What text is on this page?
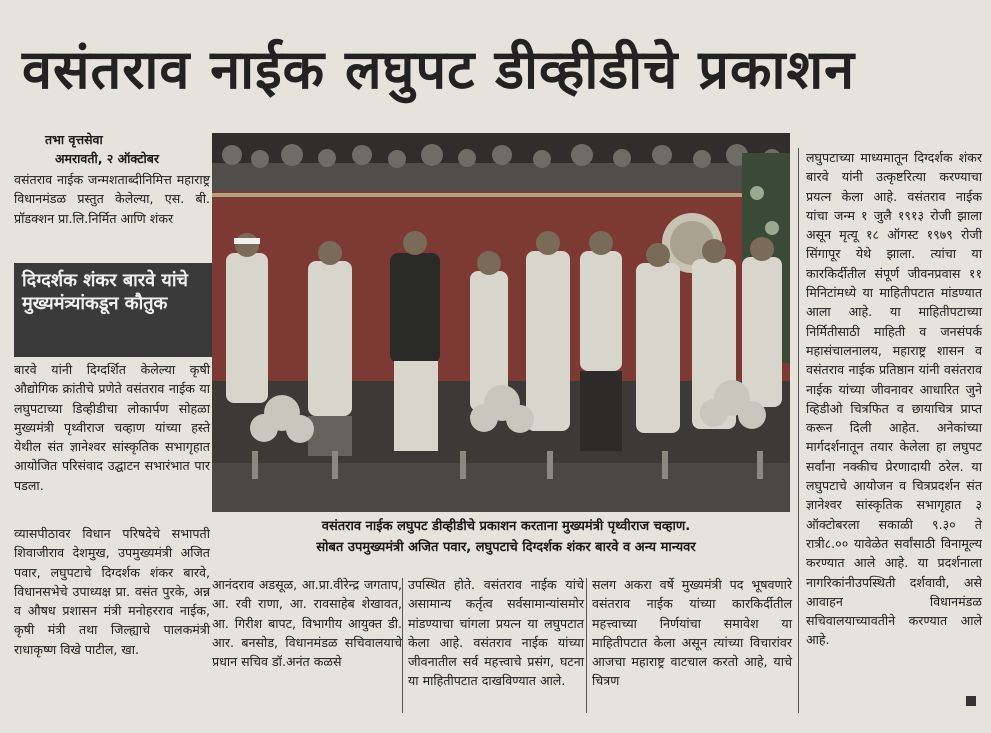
वसंतराव नाईक लघुपट डीव्हीडीचे प्रकाशन
तभा वृत्तसेवा
अमरावती, २ ऑक्टोबर

वसंतराव नाईक जन्मशताब्दीनिमित्त महाराष्ट्र विधानमंडळ प्रस्तुत केलेल्या, एस. बी. प्रॉडक्शन प्रा.लि.निर्मित आणि शंकर

दिग्दर्शक शंकर बारवे यांचे मुख्यमंत्र्यांकडून कौतुक

बारवे यांनी दिग्दर्शित केलेल्या कृषी औद्योगिक क्रांतीचे प्रणेते वसंतराव नाईक या लघुपटाच्या डिव्हीडीचा लोकार्पण सोहळा मुख्यमंत्री पृथ्वीराज चव्हाण यांच्या हस्ते येथील संत ज्ञानेश्वर सांस्कृतिक सभागृहात आयोजित परिसंवाद उद्घाटन सभारंभात पार पडला.

व्यासपीठावर विधान परिषदेचे सभापती शिवाजीराव देशमुख, उपमुख्यमंत्री अजित पवार, लघुपटाचे दिग्दर्शक शंकर बारवे, विधानसभेचे उपाध्यक्ष प्रा. वसंत पुरके, अन्न व औषध प्रशासन मंत्री मनोहरराव नाईक, कृषी मंत्री तथा जिल्ह्याचे पालकमंत्री राधाकृष्ण विखे पाटील, खा.

वसंतराव नाईक लघुपट डीव्हीडीचे प्रकाशन करताना मुख्यमंत्री पृथ्वीराज चव्हाण.
सोबत उपमुख्यमंत्री अजित पवार, लघुपटाचे दिग्दर्शक शंकर बारवे व अन्य मान्यवर

आनंदराव अडसूळ, आ.प्रा.वीरेन्द्र जगताप, आ. रवी राणा, आ. रावसाहेब शेखावत, आ. गिरीश बापट, विभागीय आयुक्त डी. आर. बनसोड, विधानमंडळ सचिवालयाचे प्रधान सचिव डॉ.अनंत कळसे

उपस्थित होते. वसंतराव नाईक यांचे असामान्य कर्तृत्व सर्वसामान्यांसमोर मांडण्याचा चांगला प्रयत्न या लघुपटात केला आहे. वसंतराव नाईक यांच्या जीवनातील सर्व महत्त्वाचे प्रसंग, घटना या माहितीपटात दाखविण्यात आले.

सलग अकरा वर्षे मुख्यमंत्री पद भूषवणारे वसंतराव नाईक यांच्या कारकिर्दीतील महत्त्वाच्या निर्णयांचा समावेश या माहितीपटात केला असून त्यांच्या विचारांवर आजचा महाराष्ट्र वाटचाल करतो आहे, याचे चित्रण

लघुपटाच्या माध्यमातून दिग्दर्शक शंकर बारवे यांनी उत्कृष्टरित्या करण्याचा प्रयत्न केला आहे. वसंतराव नाईक यांचा जन्म १ जुलै १९१३ रोजी झाला असून मृत्यू १८ ऑगस्ट १९७९ रोजी सिंगापूर येथे झाला. त्यांचा या कारकिर्दीतील संपूर्ण जीवनप्रवास ११ मिनिटांमध्ये या माहितीपटात मांडण्यात आला आहे. या माहितीपटाच्या निर्मितीसाठी माहिती व जनसंपर्क महासंचालनालय, महाराष्ट्र शासन व वसंतराव नाईक प्रतिष्ठान यांनी वसंतराव नाईक यांच्या जीवनावर आधारित जुने व्हिडीओ चित्रफित व छायाचित्र प्राप्त करून दिली आहेत. अनेकांच्या मार्गदर्शनातून तयार केलेला हा लघुपट सर्वांना नक्कीच प्रेरणादायी ठरेल. या लघुपटाचे आयोजन व चित्रप्रदर्शन संत ज्ञानेश्वर सांस्कृतिक सभागृहात ३ ऑक्टोबरला सकाळी ९.३० ते रात्री८.०० यावेळेत सर्वांसाठी विनामूल्य करण्यात आले आहे. या प्रदर्शनाला नागरिकांनीउपस्थिती दर्शवावी, असे आवाहन विधानमंडळ सचिवालयाच्यावतीने करण्यात आले आहे.
